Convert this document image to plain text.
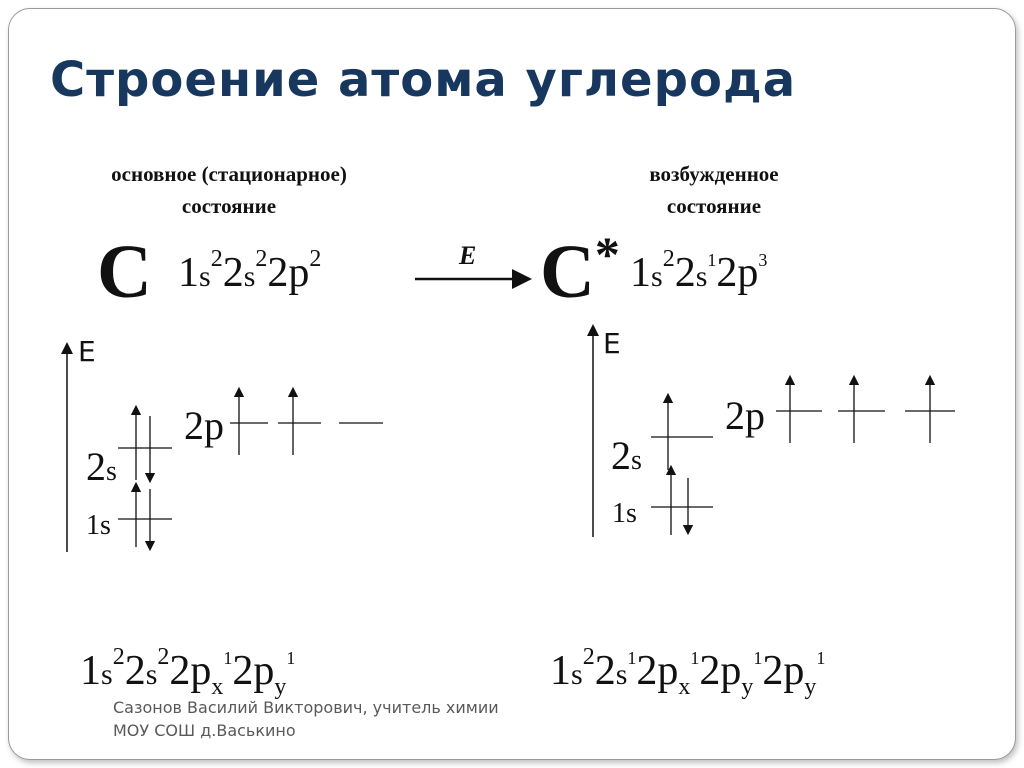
Строение атома углерода
основное (стационарное)
состояние
возбужденное
состояние
С $1s^22s^22p^2$	E С* $1s^22s^12p^3$
E
2p
2s
1s
E
2p
2s
1s
$1s^22s^22p_x^12p_y^1$	$1s^22s^12p_x^12p_y^12p_y^1$
Сазонов Василий Викторович, учитель химии
МОУ СОШ д.Васькино
